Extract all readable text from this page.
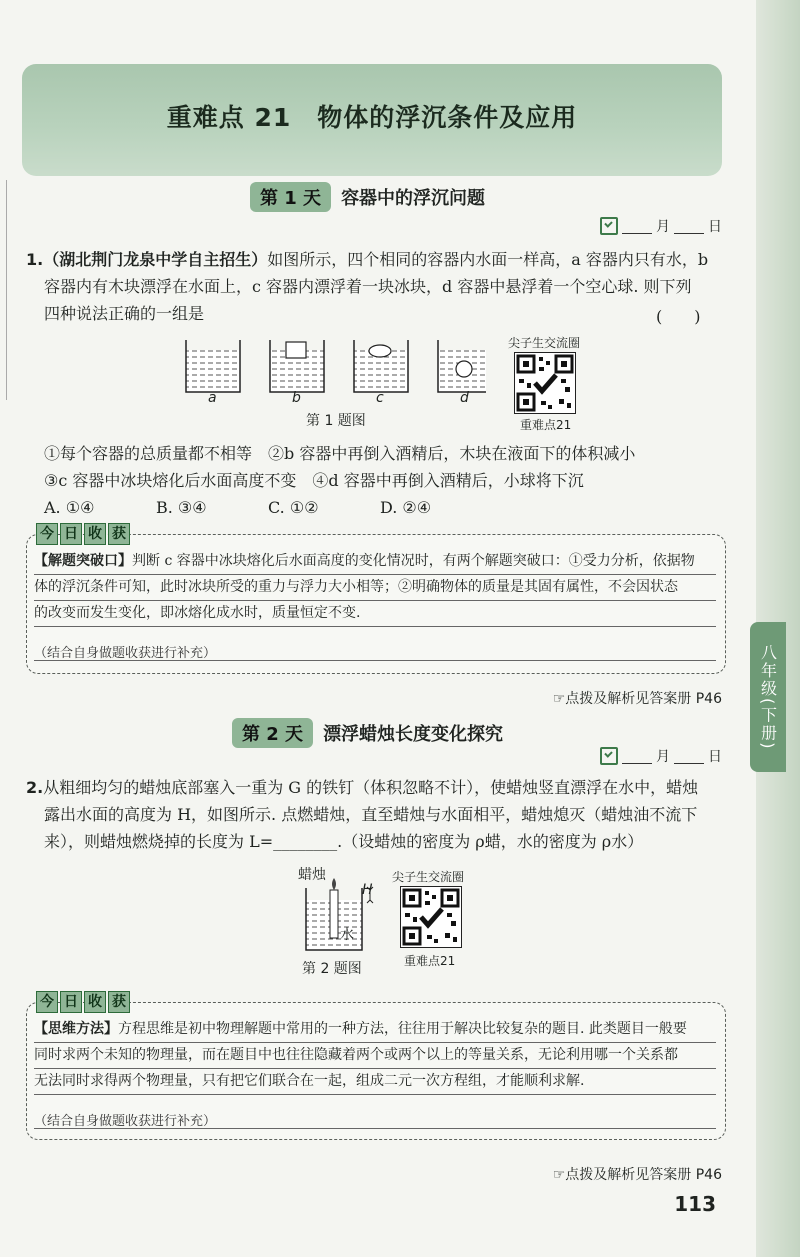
八年级(下册)
重难点 21　物体的浮沉条件及应用
第 1 天	容器中的浮沉问题
月	日
1.（湖北荆门龙泉中学自主招生）如图所示，四个相同的容器内水面一样高，a 容器内只有水，b
容器内有木块漂浮在水面上，c 容器内漂浮着一块冰块，d 容器中悬浮着一个空心球. 则下列
四种说法正确的一组是	(　　)
a	b	c	d
第 1 题图
尖子生交流圈
重难点21
①每个容器的总质量都不相等　②b 容器中再倒入酒精后，木块在液面下的体积减小
③c 容器中冰块熔化后水面高度不变　④d 容器中再倒入酒精后，小球将下沉
A. ①④	B. ③④	C. ①②	D. ②④
今 日 收 获
【解题突破口】判断 c 容器中冰块熔化后水面高度的变化情况时，有两个解题突破口：①受力分析，依据物
体的浮沉条件可知，此时冰块所受的重力与浮力大小相等；②明确物体的质量是其固有属性，不会因状态
的改变而发生变化，即冰熔化成水时，质量恒定不变.
（结合自身做题收获进行补充）
☞点拨及解析见答案册 P46
第 2 天	漂浮蜡烛长度变化探究
月	日
2.从粗细均匀的蜡烛底部塞入一重为 G 的铁钉（体积忽略不计），使蜡烛竖直漂浮在水中，蜡烛
露出水面的高度为 H，如图所示. 点燃蜡烛，直至蜡烛与水面相平，蜡烛熄灭（蜡烛油不流下
来），则蜡烛燃烧掉的长度为 L=________.（设蜡烛的密度为 ρ蜡，水的密度为 ρ水）
蜡烛
H
水
第 2 题图
尖子生交流圈
重难点21
今 日 收 获
【思维方法】方程思维是初中物理解题中常用的一种方法，往往用于解决比较复杂的题目. 此类题目一般要
同时求两个未知的物理量，而在题目中也往往隐藏着两个或两个以上的等量关系，无论利用哪一个关系都
无法同时求得两个物理量，只有把它们联合在一起，组成二元一次方程组，才能顺利求解.
（结合自身做题收获进行补充）
☞点拨及解析见答案册 P46
113
